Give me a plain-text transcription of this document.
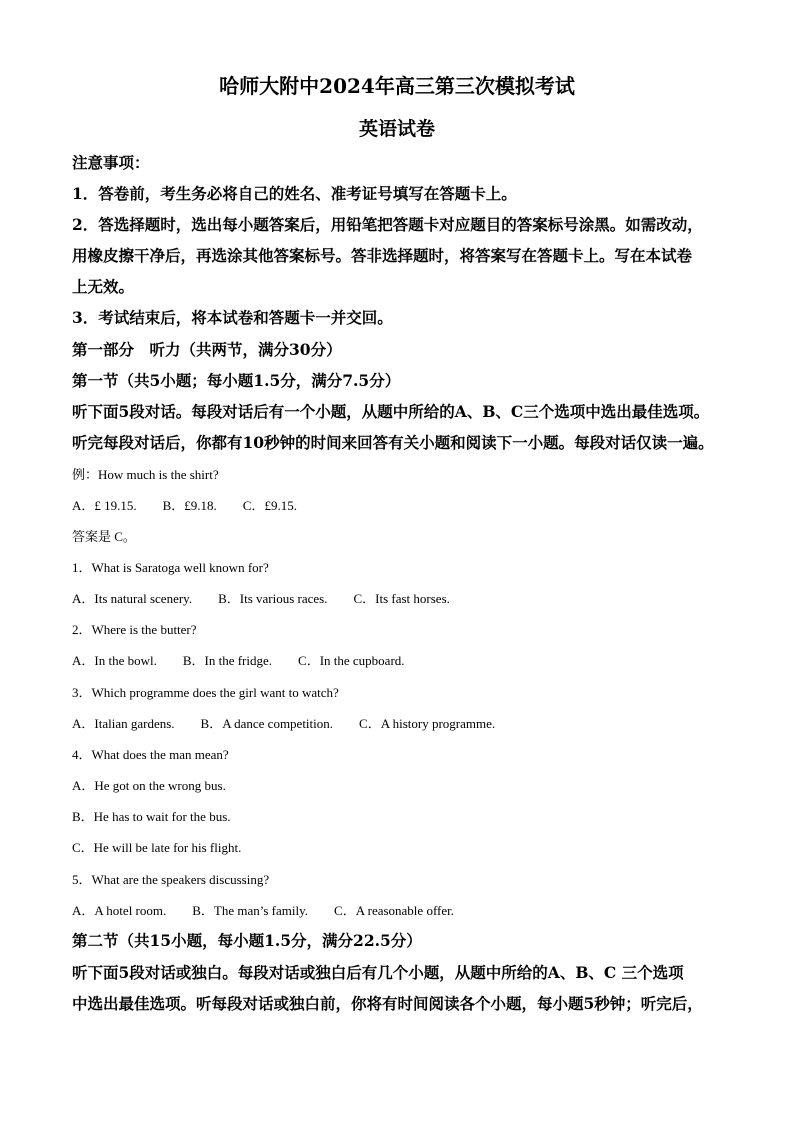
哈师大附中2024年高三第三次模拟考试
英语试卷
注意事项：
1．答卷前，考生务必将自己的姓名、准考证号填写在答题卡上。
2．答选择题时，选出每小题答案后，用铅笔把答题卡对应题目的答案标号涂黑。如需改动，
用橡皮擦干净后，再选涂其他答案标号。答非选择题时，将答案写在答题卡上。写在本试卷
上无效。
3．考试结束后，将本试卷和答题卡一并交回。
第一部分　听力（共两节，满分30分）
第一节（共5小题；每小题1.5分，满分7.5分）
听下面5段对话。每段对话后有一个小题，从题中所给的A、B、C三个选项中选出最佳选项。
听完每段对话后，你都有10秒钟的时间来回答有关小题和阅读下一小题。每段对话仅读一遍。
例：How much is the shirt?
A．£ 19.15.　　B．£9.18.　　C．£9.15.
答案是 C。
1．What is Saratoga well known for?
A．Its natural scenery.　　B．Its various races.　　C．Its fast horses.
2．Where is the butter?
A．In the bowl.　　B．In the fridge.　　C．In the cupboard.
3．Which programme does the girl want to watch?
A．Italian gardens.　　B．A dance competition.　　C．A history programme.
4．What does the man mean?
A．He got on the wrong bus.
B．He has to wait for the bus.
C．He will be late for his flight.
5．What are the speakers discussing?
A．A hotel room.　　B．The man’s family.　　C．A reasonable offer.
第二节（共15小题，每小题1.5分，满分22.5分）
听下面5段对话或独白。每段对话或独白后有几个小题，从题中所给的A、B、C 三个选项
中选出最佳选项。听每段对话或独白前，你将有时间阅读各个小题，每小题5秒钟；听完后，
